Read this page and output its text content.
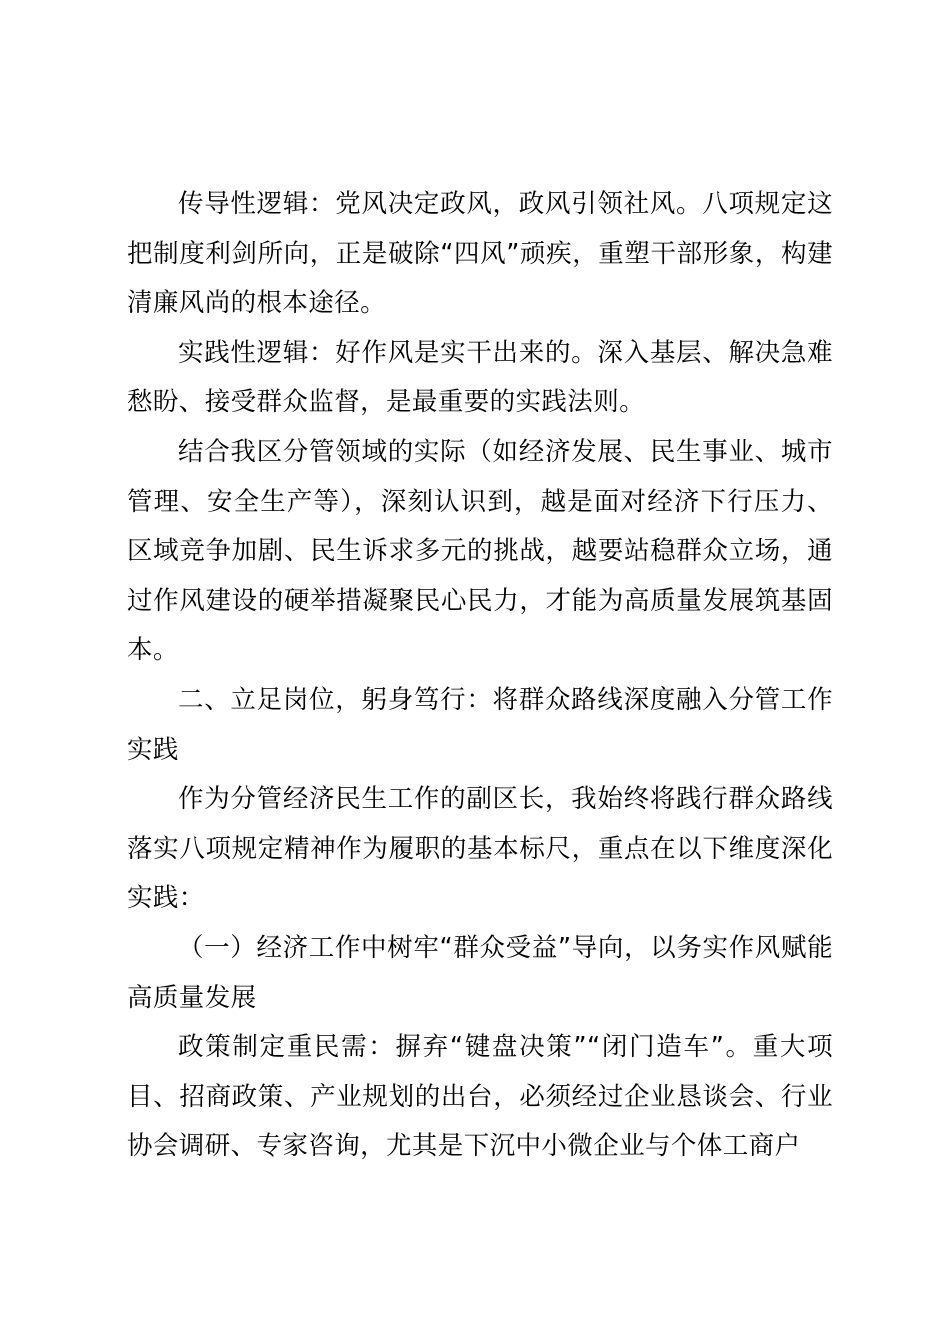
传导性逻辑：党风决定政风，政风引领社风。八项规定这把制度利剑所向，正是破除“四风”顽疾，重塑干部形象，构建清廉风尚的根本途径。

实践性逻辑：好作风是实干出来的。深入基层、解决急难愁盼、接受群众监督，是最重要的实践法则。

结合我区分管领域的实际（如经济发展、民生事业、城市管理、安全生产等），深刻认识到，越是面对经济下行压力、区域竞争加剧、民生诉求多元的挑战，越要站稳群众立场，通过作风建设的硬举措凝聚民心民力，才能为高质量发展筑基固本。

二、立足岗位，躬身笃行：将群众路线深度融入分管工作实践

作为分管经济民生工作的副区长，我始终将践行群众路线落实八项规定精神作为履职的基本标尺，重点在以下维度深化实践：

（一）经济工作中树牢“群众受益”导向，以务实作风赋能高质量发展

政策制定重民需：摒弃“键盘决策”“闭门造车”。重大项目、招商政策、产业规划的出台，必须经过企业恳谈会、行业协会调研、专家咨询，尤其是下沉中小微企业与个体工商户
